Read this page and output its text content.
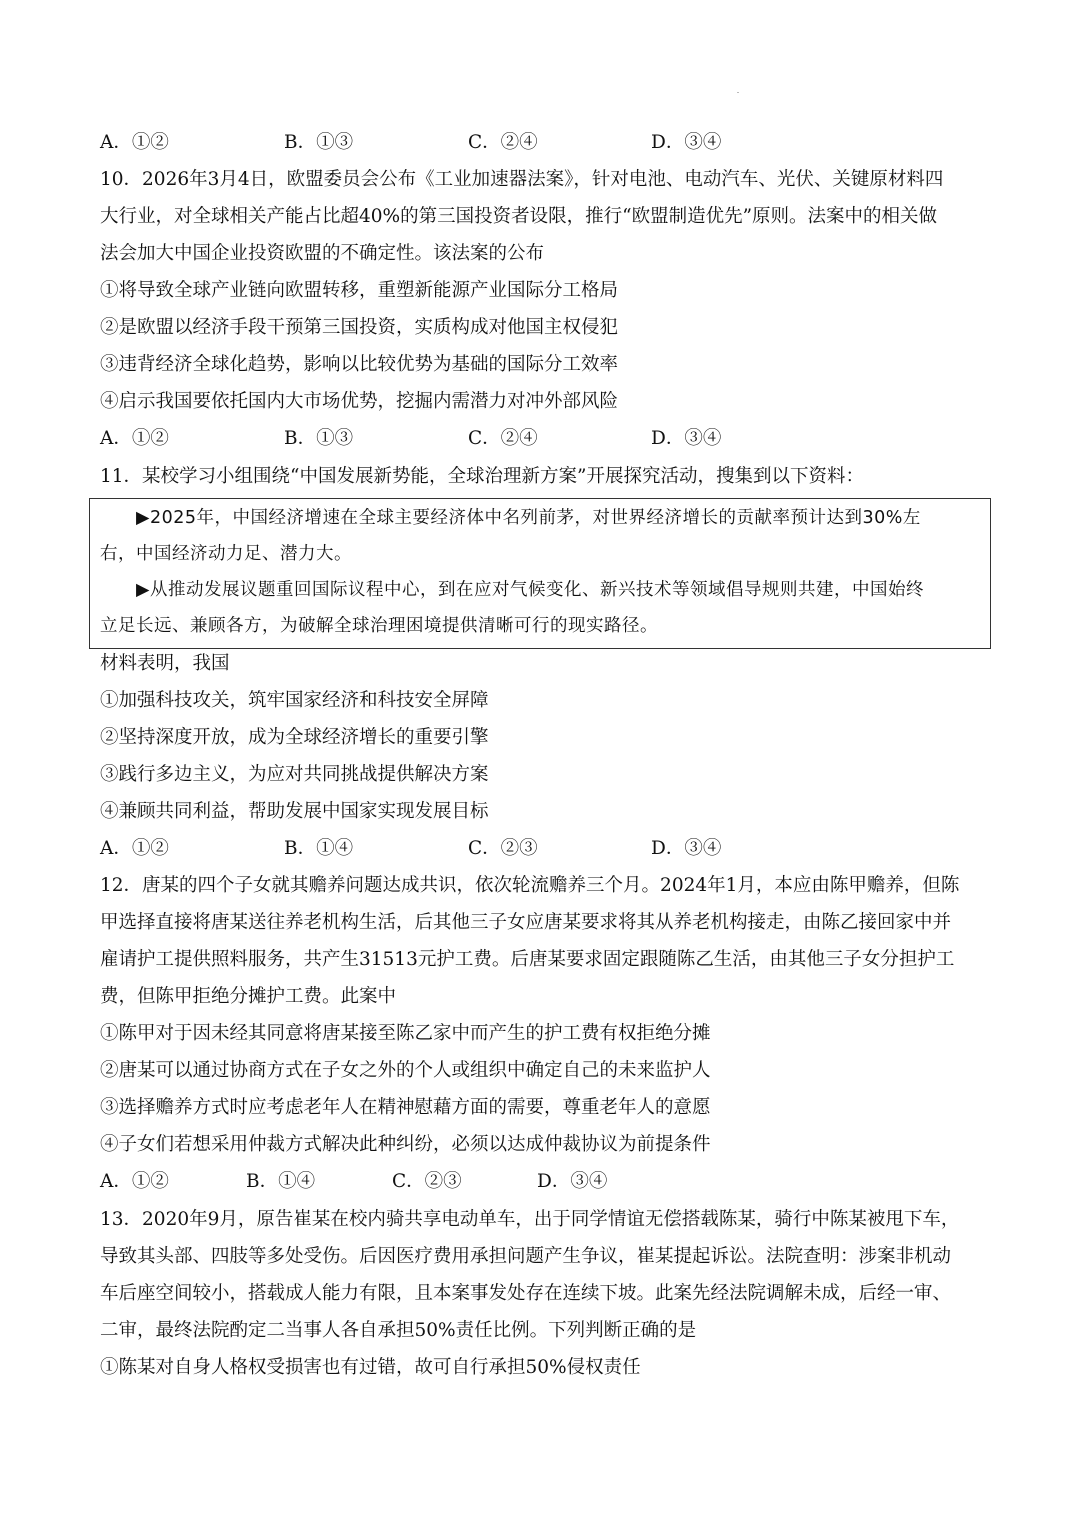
A．①②	B．①③	C．②④	D．③④
10．2026年3月4日，欧盟委员会公布《工业加速器法案》，针对电池、电动汽车、光伏、关键原材料四
大行业，对全球相关产能占比超40%的第三国投资者设限，推行“欧盟制造优先”原则。法案中的相关做
法会加大中国企业投资欧盟的不确定性。该法案的公布
①将导致全球产业链向欧盟转移，重塑新能源产业国际分工格局
②是欧盟以经济手段干预第三国投资，实质构成对他国主权侵犯
③违背经济全球化趋势，影响以比较优势为基础的国际分工效率
④启示我国要依托国内大市场优势，挖掘内需潜力对冲外部风险
A．①②	B．①③	C．②④	D．③④
11．某校学习小组围绕“中国发展新势能，全球治理新方案”开展探究活动，搜集到以下资料：
▶2025年，中国经济增速在全球主要经济体中名列前茅，对世界经济增长的贡献率预计达到30%左
右，中国经济动力足、潜力大。
▶从推动发展议题重回国际议程中心，到在应对气候变化、新兴技术等领域倡导规则共建，中国始终
立足长远、兼顾各方，为破解全球治理困境提供清晰可行的现实路径。
材料表明，我国
①加强科技攻关，筑牢国家经济和科技安全屏障
②坚持深度开放，成为全球经济增长的重要引擎
③践行多边主义，为应对共同挑战提供解决方案
④兼顾共同利益，帮助发展中国家实现发展目标
A．①②	B．①④	C．②③	D．③④
12．唐某的四个子女就其赡养问题达成共识，依次轮流赡养三个月。2024年1月，本应由陈甲赡养，但陈
甲选择直接将唐某送往养老机构生活，后其他三子女应唐某要求将其从养老机构接走，由陈乙接回家中并
雇请护工提供照料服务，共产生31513元护工费。后唐某要求固定跟随陈乙生活，由其他三子女分担护工
费，但陈甲拒绝分摊护工费。此案中
①陈甲对于因未经其同意将唐某接至陈乙家中而产生的护工费有权拒绝分摊
②唐某可以通过协商方式在子女之外的个人或组织中确定自己的未来监护人
③选择赡养方式时应考虑老年人在精神慰藉方面的需要，尊重老年人的意愿
④子女们若想采用仲裁方式解决此种纠纷，必须以达成仲裁协议为前提条件
A．①②	B．①④	C．②③	D．③④
13．2020年9月，原告崔某在校内骑共享电动单车，出于同学情谊无偿搭载陈某，骑行中陈某被甩下车，
导致其头部、四肢等多处受伤。后因医疗费用承担问题产生争议，崔某提起诉讼。法院查明：涉案非机动
车后座空间较小，搭载成人能力有限，且本案事发处存在连续下坡。此案先经法院调解未成，后经一审、
二审，最终法院酌定二当事人各自承担50%责任比例。下列判断正确的是
①陈某对自身人格权受损害也有过错，故可自行承担50%侵权责任
